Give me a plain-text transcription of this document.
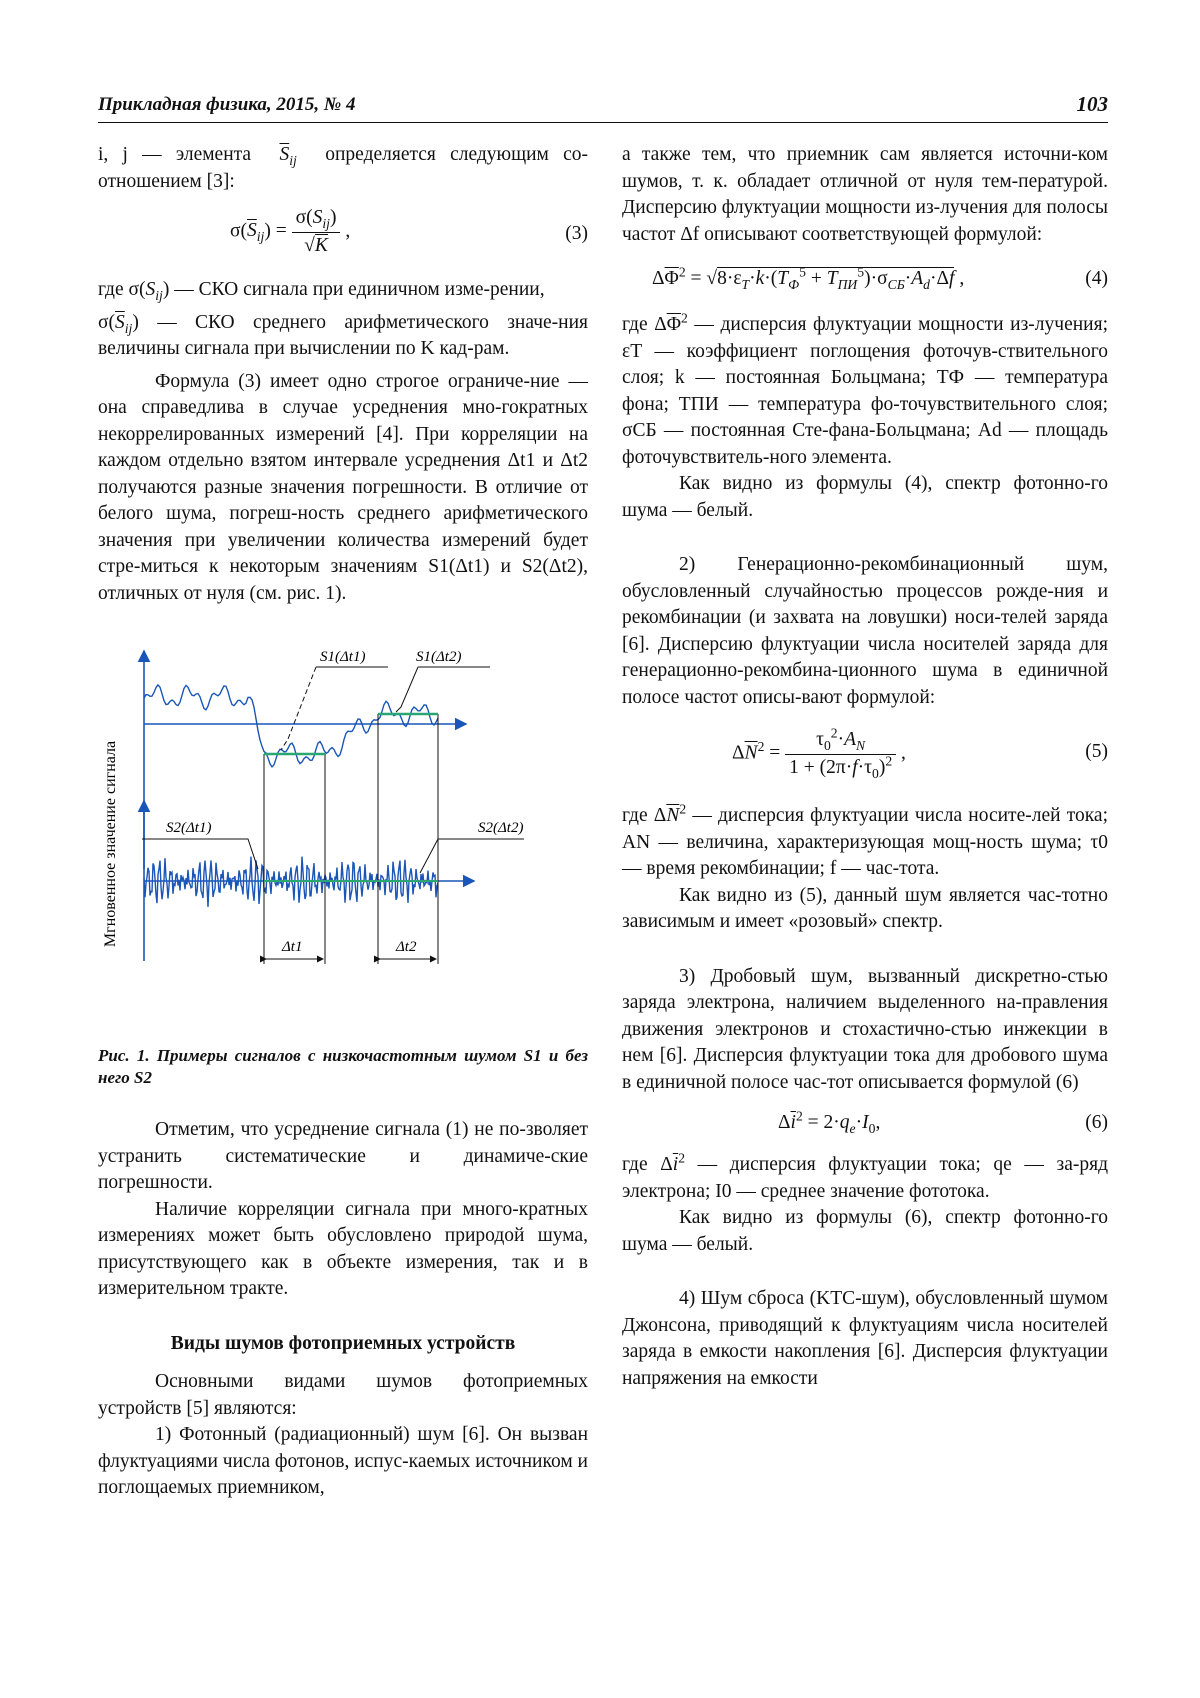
Прикладная физика, 2015, № 4	103

i, j — элемента $\overline{S}_{ij}$ определяется следующим со-отношением [3]:

$\sigma(\overline{S}_{ij}) = \frac{\sigma(S_{ij})}{√K}$ ,	(3)

где $\sigma(S_{ij})$ — СКО сигнала при единичном изме-рении,

$\sigma(\overline{S}_{ij})$ — СКО среднего арифметического значе-ния величины сигнала при вычислении по K кад-рам.

Формула (3) имеет одно строгое ограниче-ние — она справедлива в случае усреднения мно-гократных некоррелированных измерений [4]. При корреляции на каждом отдельно взятом интервале усреднения Δt1 и Δt2 получаются разные значения погрешности. В отличие от белого шума, погреш-ность среднего арифметического значения при увеличении количества измерений будет стре-миться к некоторым значениям S1(Δt1) и S2(Δt2), отличных от нуля (см. рис. 1).

Мгновенное значение сигнала
S1(Δt1)	S1(Δt2)
S2(Δt1)	S2(Δt2)
Δt1	Δt2

Рис. 1. Примеры сигналов с низкочастотным шумом S1 и без него S2

Отметим, что усреднение сигнала (1) не по-зволяет устранить систематические и динамиче-ские погрешности.

Наличие корреляции сигнала при много-кратных измерениях может быть обусловлено природой шума, присутствующего как в объекте измерения, так и в измерительном тракте.

Виды шумов фотоприемных устройств

Основными видами шумов фотоприемных устройств [5] являются:

1) Фотонный (радиационный) шум [6]. Он вызван флуктуациями числа фотонов, испус-каемых источником и поглощаемых приемником,

а также тем, что приемник сам является источни-ком шумов, т. к. обладает отличной от нуля тем-пературой. Дисперсию флуктуации мощности из-лучения для полосы частот Δf описывают соответствующей формулой:

$\Delta\overline{\Phi}^2 = √8\cdot\varepsilon_T\cdot k\cdot(T_Ф^5 + T_{ПИ}^5)\cdot\sigma_{СБ}\cdot A_d\cdot\Delta f$ ,	(4)

где $\Delta\overline{\Phi}^2$ — дисперсия флуктуации мощности из-лучения; εT — коэффициент поглощения фоточув-ствительного слоя; k — постоянная Больцмана; TФ — температура фона; TПИ — температура фо-точувствительного слоя; σСБ — постоянная Сте-фана-Больцмана; Ad — площадь фоточувствитель-ного элемента.

Как видно из формулы (4), спектр фотонно-го шума — белый.

2) Генерационно-рекомбинационный шум, обусловленный случайностью процессов рожде-ния и рекомбинации (и захвата на ловушки) носи-телей заряда [6]. Дисперсию флуктуации числа носителей заряда для генерационно-рекомбина-ционного шума в единичной полосе частот описы-вают формулой:

$\Delta\overline{N}^2 = \frac{\tau_0^2\cdot A_N}{1 + (2\pi\cdot f\cdot\tau_0)^2}$ ,	(5)

где $\Delta\overline{N}^2$ — дисперсия флуктуации числа носите-лей тока; AN — величина, характеризующая мощ-ность шума; τ0 — время рекомбинации; f — час-тота.

Как видно из (5), данный шум является час-тотно зависимым и имеет «розовый» спектр.

3) Дробовый шум, вызванный дискретно-стью заряда электрона, наличием выделенного на-правления движения электронов и стохастично-стью инжекции в нем [6]. Дисперсия флуктуации тока для дробового шума в единичной полосе час-тот описывается формулой (6)

$\Delta\overline{i}^2 = 2\cdot q_e\cdot I_0$,	(6)

где $\Delta\overline{i}^2$ — дисперсия флуктуации тока; qe — за-ряд электрона; I0 — среднее значение фототока.

Как видно из формулы (6), спектр фотонно-го шума — белый.

4) Шум сброса (KTC-шум), обусловленный шумом Джонсона, приводящий к флуктуациям числа носителей заряда в емкости накопления [6]. Дисперсия флуктуации напряжения на емкости
